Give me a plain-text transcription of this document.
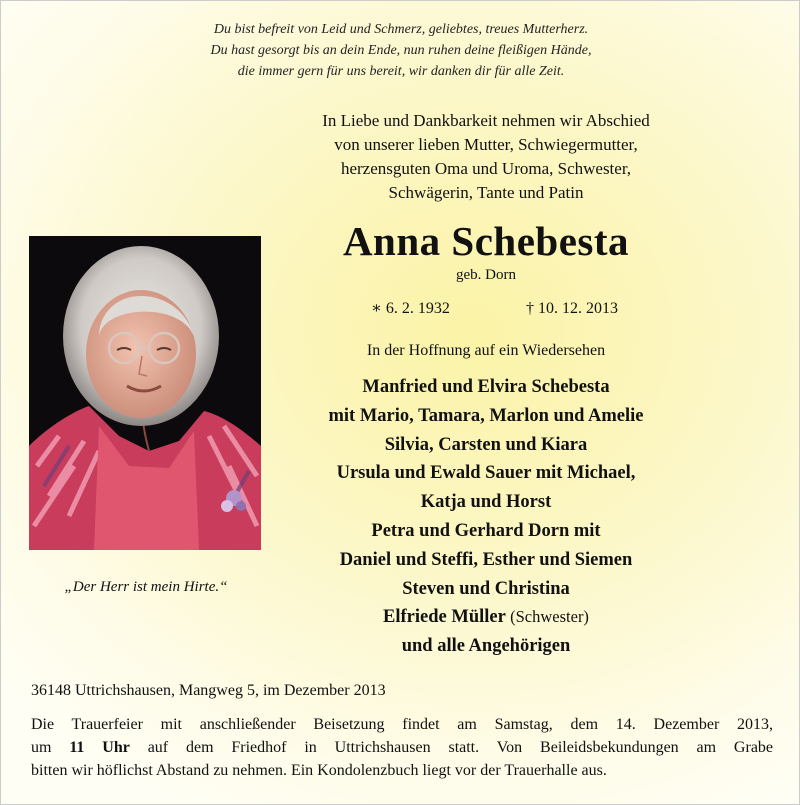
Du bist befreit von Leid und Schmerz, geliebtes, treues Mutterherz.
Du hast gesorgt bis an dein Ende, nun ruhen deine fleißigen Hände,
die immer gern für uns bereit, wir danken dir für alle Zeit.
In Liebe und Dankbarkeit nehmen wir Abschied
von unserer lieben Mutter, Schwiegermutter,
herzensguten Oma und Uroma, Schwester,
Schwägerin, Tante und Patin
Anna Schebesta
geb. Dorn
∗ 6. 2. 1932	† 10. 12. 2013
In der Hoffnung auf ein Wiedersehen
Manfried und Elvira Schebesta
mit Mario, Tamara, Marlon und Amelie
Silvia, Carsten und Kiara
Ursula und Ewald Sauer mit Michael,
Katja und Horst
Petra und Gerhard Dorn mit
Daniel und Steffi, Esther und Siemen
Steven und Christina
Elfriede Müller (Schwester)
und alle Angehörigen
„Der Herr ist mein Hirte.“
36148 Uttrichshausen, Mangweg 5, im Dezember 2013
Die Trauerfeier mit anschließender Beisetzung findet am Samstag, dem 14. Dezember 2013,
um 11 Uhr auf dem Friedhof in Uttrichshausen statt. Von Beileidsbekundungen am Grabe
bitten wir höflichst Abstand zu nehmen. Ein Kondolenzbuch liegt vor der Trauerhalle aus.
